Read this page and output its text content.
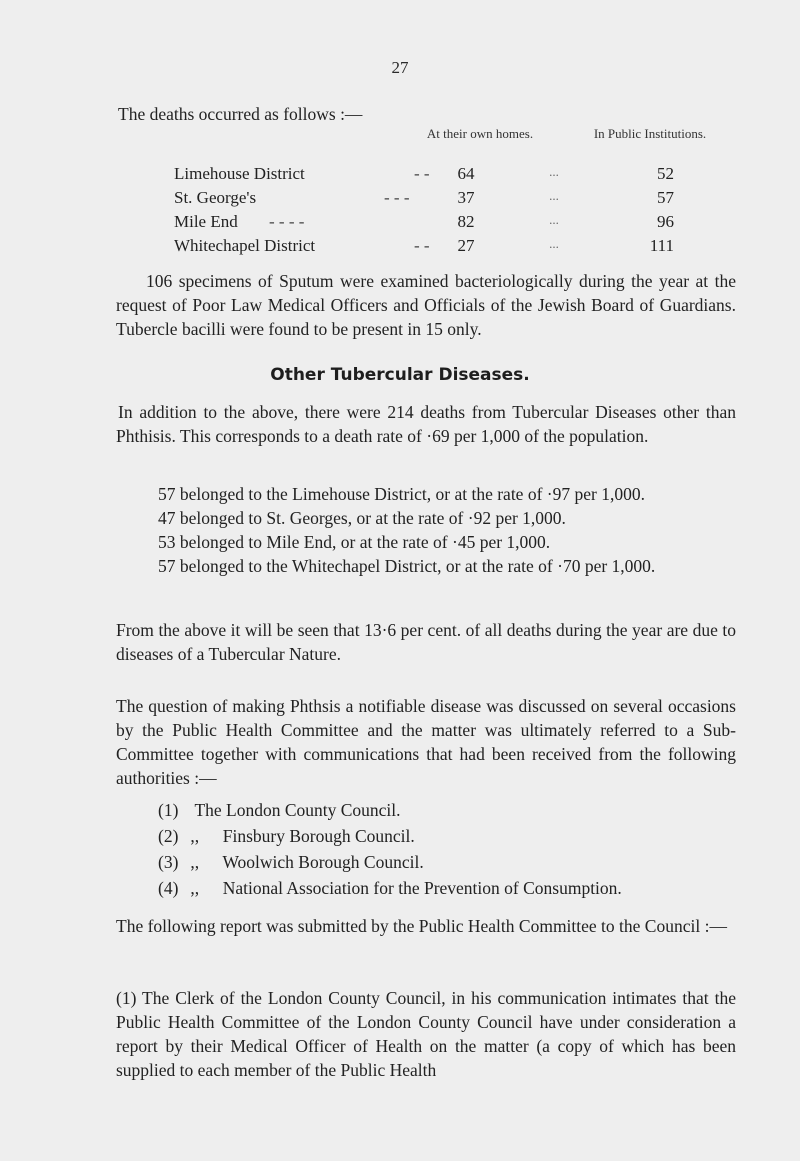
27
The deaths occurred as follows :—
At their own homes.	In Public Institutions.
Limehouse District	- -	64	...	52
St. George's	- - -	37	...	57
Mile End - - - -	82	...	96
Whitechapel District	- -	27	...	111
106 specimens of Sputum were examined bacteriologically during the year at the request of Poor Law Medical Officers and Officials of the Jewish Board of Guardians. Tubercle bacilli were found to be present in 15 only.
Other Tubercular Diseases.
In addition to the above, there were 214 deaths from Tubercular Diseases other than Phthisis. This corresponds to a death rate of ·69 per 1,000 of the population.
57 belonged to the Limehouse District, or at the rate of ·97 per 1,000.
47 belonged to St. Georges, or at the rate of ·92 per 1,000.
53 belonged to Mile End, or at the rate of ·45 per 1,000.
57 belonged to the Whitechapel District, or at the rate of ·70 per 1,000.
From the above it will be seen that 13·6 per cent. of all deaths during the year are due to diseases of a Tubercular Nature.
The question of making Phthsis a notifiable disease was discussed on several occasions by the Public Health Committee and the matter was ultimately referred to a Sub-Committee together with communications that had been received from the following authorities :—
(1) The London County Council.
(2) ,, Finsbury Borough Council.
(3) ,, Woolwich Borough Council.
(4) ,, National Association for the Prevention of Consumption.
The following report was submitted by the Public Health Committee to the Council :—
(1) The Clerk of the London County Council, in his communication intimates that the Public Health Committee of the London County Council have under consideration a report by their Medical Officer of Health on the matter (a copy of which has been supplied to each member of the Public Health
